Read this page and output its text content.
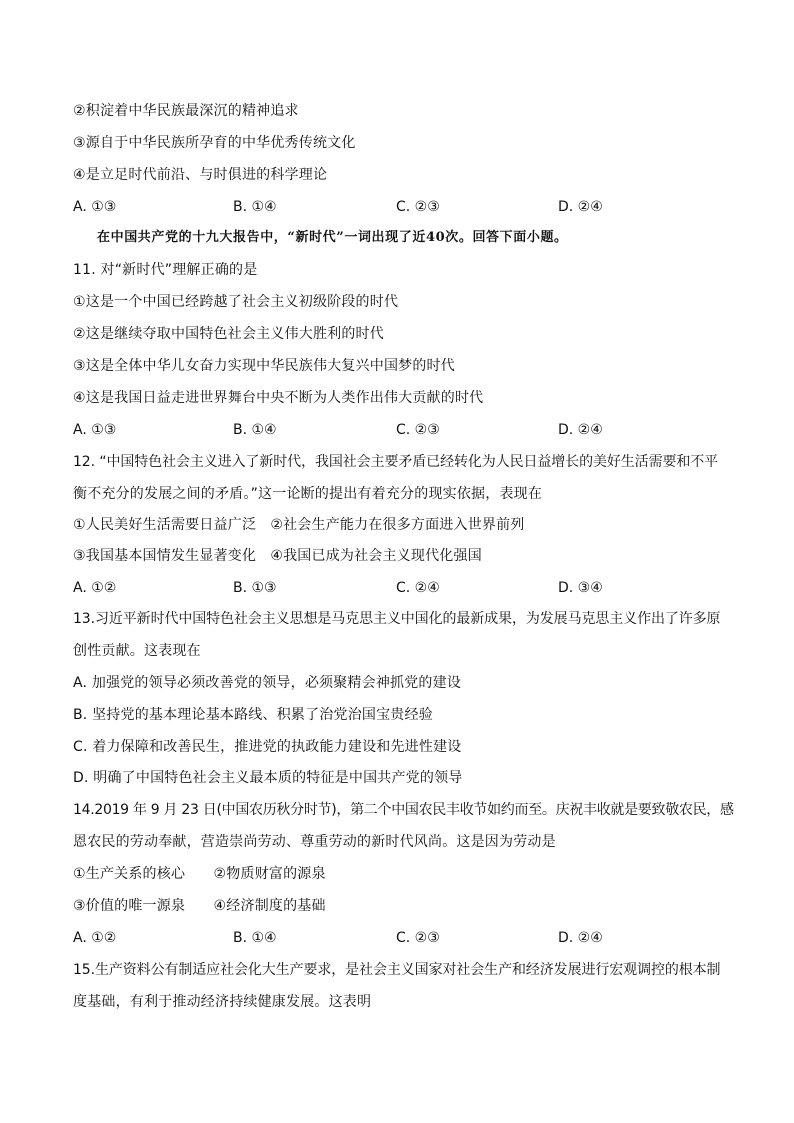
②积淀着中华民族最深沉的精神追求
③源自于中华民族所孕育的中华优秀传统文化
④是立足时代前沿、与时俱进的科学理论
A. ①③	B. ①④	C. ②③	D. ②④
在中国共产党的十九大报告中，“新时代”一词出现了近40次。回答下面小题。
11. 对“新时代”理解正确的是
①这是一个中国已经跨越了社会主义初级阶段的时代
②这是继续夺取中国特色社会主义伟大胜利的时代
③这是全体中华儿女奋力实现中华民族伟大复兴中国梦的时代
④这是我国日益走进世界舞台中央不断为人类作出伟大贡献的时代
A. ①③	B. ①④	C. ②③	D. ②④
12. “中国特色社会主义进入了新时代，我国社会主要矛盾已经转化为人民日益增长的美好生活需要和不平
衡不充分的发展之间的矛盾。”这一论断的提出有着充分的现实依据，表现在
①人民美好生活需要日益广泛　②社会生产能力在很多方面进入世界前列
③我国基本国情发生显著变化　④我国已成为社会主义现代化强国
A. ①②	B. ①③	C. ②④	D. ③④
13.习近平新时代中国特色社会主义思想是马克思主义中国化的最新成果，为发展马克思主义作出了许多原
创性贡献。这表现在
A. 加强党的领导必须改善党的领导，必须聚精会神抓党的建设
B. 坚持党的基本理论基本路线、积累了治党治国宝贵经验
C. 着力保障和改善民生，推进党的执政能力建设和先进性建设
D. 明确了中国特色社会主义最本质的特征是中国共产党的领导
14.2019 年 9 月 23 日(中国农历秋分时节)，第二个中国农民丰收节如约而至。庆祝丰收就是要致敬农民，感
恩农民的劳动奉献，营造崇尚劳动、尊重劳动的新时代风尚。这是因为劳动是
①生产关系的核心　　②物质财富的源泉
③价值的唯一源泉　　④经济制度的基础
A. ①②	B. ①④	C. ②③	D. ②④
15.生产资料公有制适应社会化大生产要求，是社会主义国家对社会生产和经济发展进行宏观调控的根本制
度基础，有利于推动经济持续健康发展。这表明
